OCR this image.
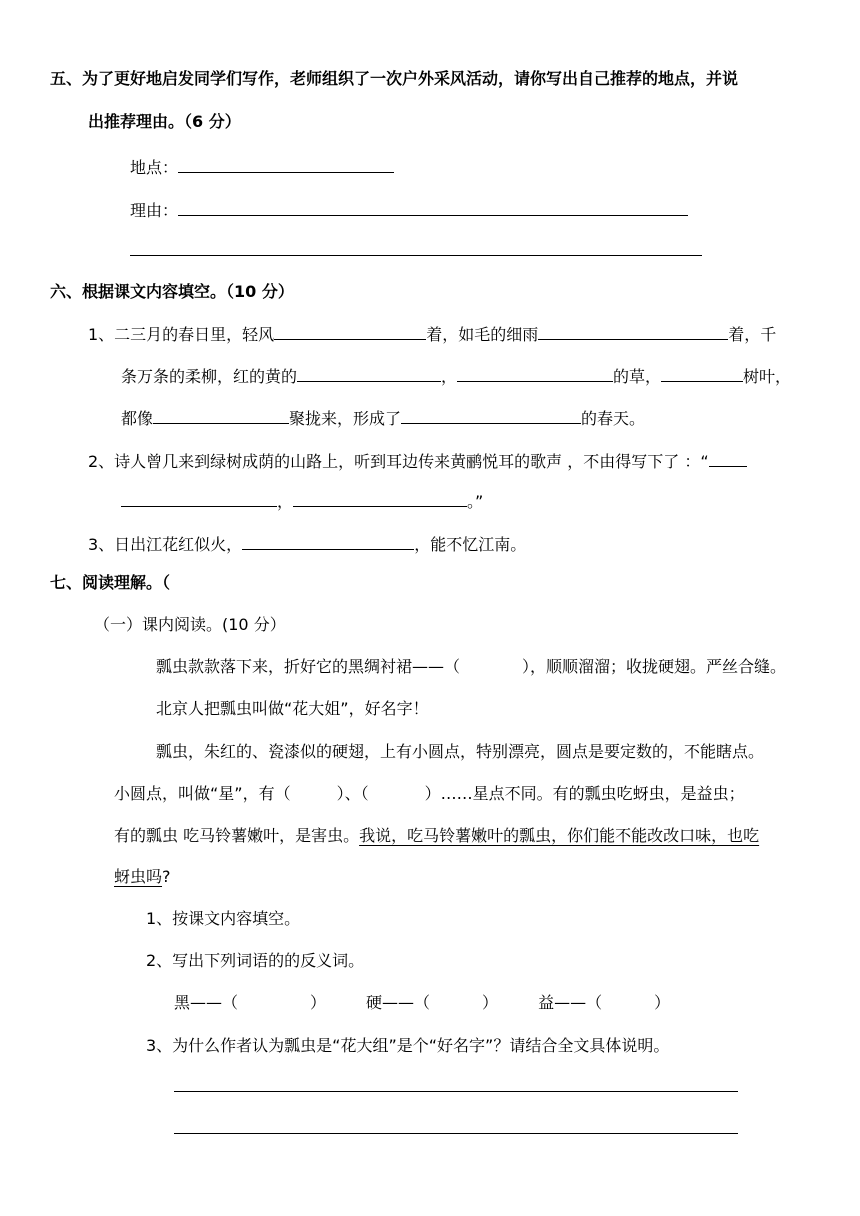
五、为了更好地启发同学们写作，老师组织了一次户外采风活动，请你写出自己推荐的地点，并说
出推荐理由。（6 分）
地点：
理由：
六、根据课文内容填空。（10 分）
1、二三月的春日里，轻风	着，如毛的细雨	着，千
条万条的柔柳，红的黄的	，	的草，	树叶，
都像	聚拢来，形成了	的春天。
2、诗人曾几来到绿树成荫的山路上，听到耳边传来黄鹂悦耳的歌声 ，不由得写下了 ：“
，	。”
3、日出江花红似火，	，能不忆江南。
七、阅读理解。（
（一）课内阅读。(10 分）
瓢虫款款落下来，折好它的黑绸衬裙——（	），顺顺溜溜；收拢硬翅。严丝合缝。
北京人把瓢虫叫做“花大姐”，好名字！
瓢虫，朱红的、瓷漆似的硬翅，上有小圆点，特别漂亮，圆点是要定数的，不能瞎点。
小圆点，叫做“星”，有（	）、（	）……星点不同。有的瓢虫吃蚜虫，是益虫；
有的瓢虫 吃马铃薯嫩叶，是害虫。我说，吃马铃薯嫩叶的瓢虫，你们能不能改改口味，也吃
蚜虫吗?
1、按课文内容填空。
2、写出下列词语的的反义词。
黑——（	）	硬——（	）	益——（	）
3、为什么作者认为瓢虫是“花大组”是个“好名字”？请结合全文具体说明。
